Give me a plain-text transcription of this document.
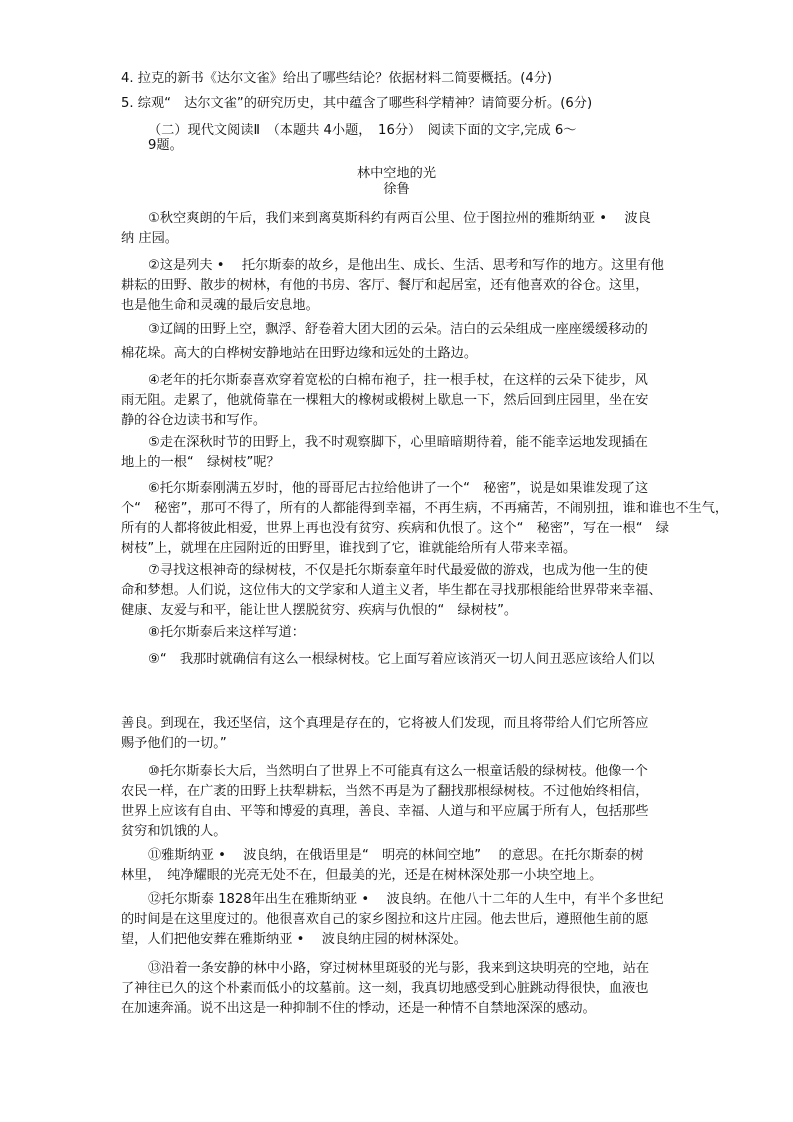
4. 拉克的新书《达尔文雀》给出了哪些结论？依据材料二简要概括。(4分)
5. 综观“　达尔文雀”的研究历史，其中蕴含了哪些科学精神？请简要分析。(6分)
（二）现代文阅读Ⅱ　（本题共 4小题，　16分）　阅读下面的文字,完成 6～
9题。
林中空地的光
徐鲁
①秋空爽朗的午后，我们来到离莫斯科约有两百公里、位于图拉州的雅斯纳亚 •　 波良
纳 庄园。
②这是列夫 •　 托尔斯泰的故乡，是他出生、成长、生活、思考和写作的地方。这里有他
耕耘的田野、散步的树林，有他的书房、客厅、餐厅和起居室，还有他喜欢的谷仓。这里，
也是他生命和灵魂的最后安息地。
③辽阔的田野上空，飘浮、舒卷着大团大团的云朵。洁白的云朵组成一座座缓缓移动的
棉花垛。高大的白桦树安静地站在田野边缘和远处的土路边。
④老年的托尔斯泰喜欢穿着宽松的白棉布袍子，拄一根手杖，在这样的云朵下徒步，风
雨无阻。走累了，他就倚靠在一棵粗大的橡树或椴树上歇息一下，然后回到庄园里，坐在安
静的谷仓边读书和写作。
⑤走在深秋时节的田野上，我不时观察脚下，心里暗暗期待着，能不能幸运地发现插在
地上的一根“　绿树枝”呢？
⑥托尔斯泰刚满五岁时，他的哥哥尼古拉给他讲了一个“　秘密”，说是如果谁发现了这
个“　秘密”，那可不得了，所有的人都能得到幸福，不再生病，不再痛苦，不闹别扭，谁和谁也不生气，
所有的人都将彼此相爱，世界上再也没有贫穷、疾病和仇恨了。这个“　秘密”，写在一根“　绿
树枝”上，就埋在庄园附近的田野里，谁找到了它，谁就能给所有人带来幸福。
⑦寻找这根神奇的绿树枝，不仅是托尔斯泰童年时代最爱做的游戏，也成为他一生的使
命和梦想。人们说，这位伟大的文学家和人道主义者，毕生都在寻找那根能给世界带来幸福、
健康、友爱与和平，能让世人摆脱贫穷、疾病与仇恨的“　绿树枝”。
⑧托尔斯泰后来这样写道：
⑨“　我那时就确信有这么一根绿树枝。它上面写着应该消灭一切人间丑恶应该给人们以
善良。到现在，我还坚信，这个真理是存在的，它将被人们发现，而且将带给人们它所答应
赐予他们的一切。”
⑩托尔斯泰长大后，当然明白了世界上不可能真有这么一根童话般的绿树枝。他像一个
农民一样，在广袤的田野上扶犁耕耘，当然不再是为了翻找那根绿树枝。不过他始终相信，
世界上应该有自由、平等和博爱的真理，善良、幸福、人道与和平应属于所有人，包括那些
贫穷和饥饿的人。
⑪雅斯纳亚 •　 波良纳，在俄语里是“　明亮的林间空地”　 的意思。在托尔斯泰的树
林里，　纯净耀眼的光亮无处不在，但最美的光，还是在树林深处那一小块空地上。
⑫托尔斯泰 1828年出生在雅斯纳亚 •　 波良纳。在他八十二年的人生中，有半个多世纪
的时间是在这里度过的。他很喜欢自己的家乡图拉和这片庄园。他去世后，遵照他生前的愿
望，人们把他安葬在雅斯纳亚 •　 波良纳庄园的树林深处。
⑬沿着一条安静的林中小路，穿过树林里斑驳的光与影，我来到这块明亮的空地，站在
了神往已久的这个朴素而低小的坟墓前。这一刻，我真切地感受到心脏跳动得很快，血液也
在加速奔涌。说不出这是一种抑制不住的悸动，还是一种情不自禁地深深的感动。
